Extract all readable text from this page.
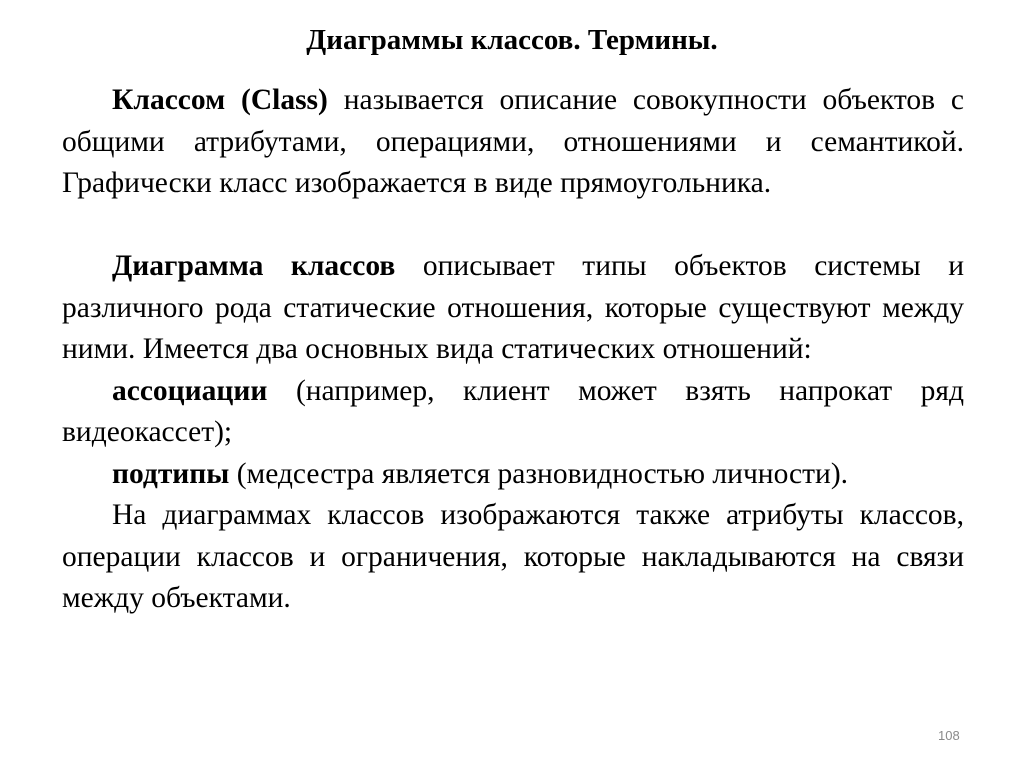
Диаграммы классов. Термины.

Классом (Class) называется описание совокупности объектов с общими атрибутами, операциями, отношениями и семантикой. Графически класс изображается в виде прямоугольника.

Диаграмма классов описывает типы объектов системы и различного рода статические отношения, которые существуют между ними. Имеется два основных вида статических отношений:

ассоциации (например, клиент может взять напрокат ряд видеокассет);

подтипы (медсестра является разновидностью личности).

На диаграммах классов изображаются также атрибуты классов, операции классов и ограничения, которые накладываются на связи между объектами.

108
